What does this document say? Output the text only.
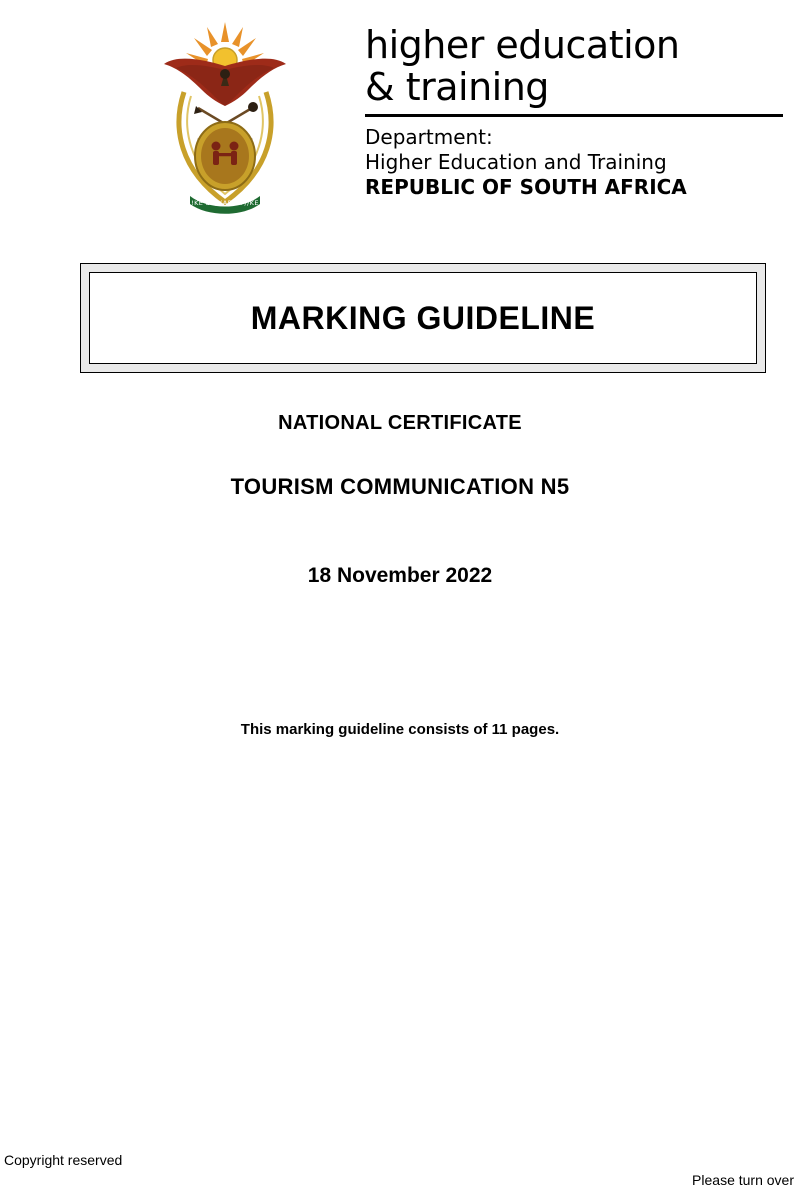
!KE E: /XARRA //KE
higher education
& training
Department:
Higher Education and Training
REPUBLIC OF SOUTH AFRICA
MARKING GUIDELINE
NATIONAL CERTIFICATE
TOURISM COMMUNICATION N5
18 November 2022
This marking guideline consists of 11 pages.
Copyright reserved
Please turn over
